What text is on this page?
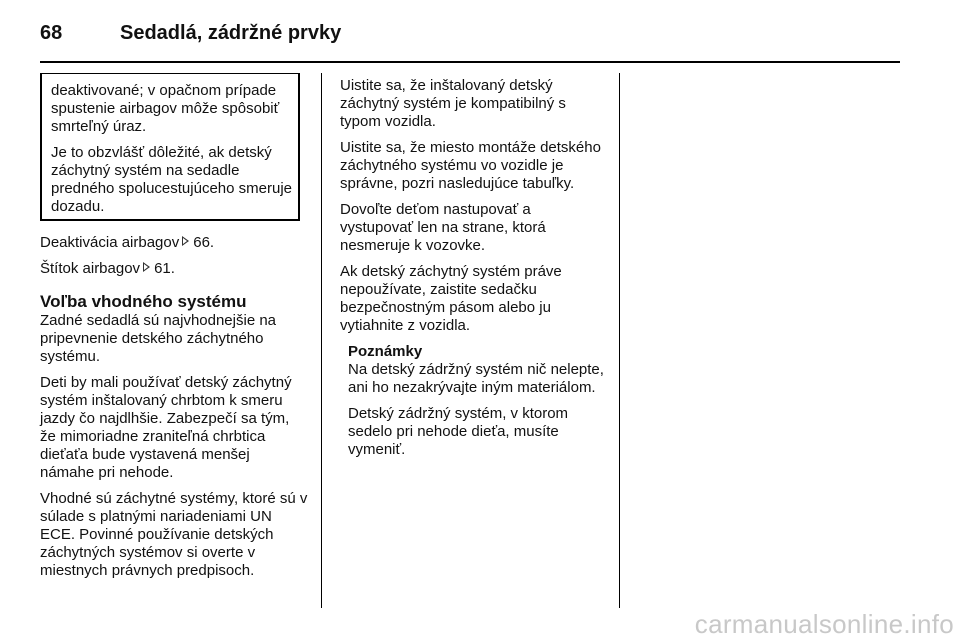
68	Sedadlá, zádržné prvky

deaktivované; v opačnom prípade spustenie airbagov môže spôsobiť smrteľný úraz.

Je to obzvlášť dôležité, ak detský záchytný systém na sedadle predného spolucestujúceho smeruje dozadu.

Deaktivácia airbagov 66.

Štítok airbagov 61.

Voľba vhodného systému

Zadné sedadlá sú najvhodnejšie na pripevnenie detského záchytného systému.

Deti by mali používať detský záchytný systém inštalovaný chrbtom k smeru jazdy čo najdlhšie. Zabezpečí sa tým, že mimoriadne zraniteľná chrbtica dieťaťa bude vystavená menšej námahe pri nehode.

Vhodné sú záchytné systémy, ktoré sú v súlade s platnými nariadeniami UN ECE. Povinné používanie detských záchytných systémov si overte v miestnych právnych predpisoch.

Uistite sa, že inštalovaný detský záchytný systém je kompatibilný s typom vozidla.

Uistite sa, že miesto montáže detského záchytného systému vo vozidle je správne, pozri nasledujúce tabuľky.

Dovoľte deťom nastupovať a vystupovať len na strane, ktorá nesmeruje k vozovke.

Ak detský záchytný systém práve nepoužívate, zaistite sedačku bezpečnostným pásom alebo ju vytiahnite z vozidla.

Poznámky

Na detský zádržný systém nič nelepte, ani ho nezakrývajte iným materiálom.

Detský zádržný systém, v ktorom sedelo pri nehode dieťa, musíte vymeniť.

carmanualsonline.info
